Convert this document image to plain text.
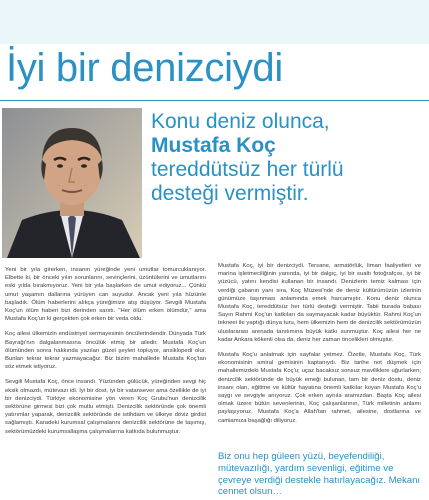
İyi bir denizciydi
Konu deniz olunca,
Mustafa Koç
tereddütsüz her türlü
desteği vermiştir.

Yeni bir yıla girerken, insanın yüreğinde yeni umutlar tomurcuklanıyor. Elbette ki, bir önceki yılın sorunlarını, sevinçlerini, üzüntülerini ve umutlarını eski yılda bırakmıyoruz. Yeni bir yıla başlarken de umut ediyoruz... Çünkü umut yaşamın dallarına yürüyen can suyudur. Ancak yeni yıla hüzünle başladık. Ölüm haberlerini alıkça yüreğimize atış düşüyor. Sevgili Mustafa Koç'un ölüm haberi bizi derinden sarstı. "Her ölüm erken ölümdür," ama Mustafa Koç'un ki gerçekten çok erken bir veda oldu.

Koç ailesi ülkemizin endüstriyel sermayesinin öncülerindendir. Dünyada Türk Bayrağı'nın dalgalanmasına öncülük etmiş bir ailedir. Mustafa Koç'un ölümünden sonra hakkında yazılan güzel şeyleri topluyor, ansiklopedi olur. Bunları tekrar tekrar yazmayacağız. Biz bizim mahallede Mustafa Koç'tan söz etmek istiyoruz.

Sevgili Mustafa Koç, önce insandı. Yüzünden gülücük, yüreğinden sevgi hiç eksik olmazdı, mütevazı idi. İyi bir dost, iyi bir vatansever ama özellikle de iyi bir denizciydi. Türkiye ekonomisine yön veren Koç Grubu'nun denizcilik sektörüne girmesi bizi çok mutlu etmişti. Denizcilik sektöründe çok önemli yatırımlar yaparak, denizcilik sektöründe de istihdam ve ülkeye döviz girdisi sağlamıştı. Karadeki kurumsal çalışmalarını denizcilik sektörüne de taşımış, sektörümüzdeki kurumsallaşma çalışmalarına katkıda bulunmuştur.

Mustafa Koç, iyi bir denizciydi. Tersane, armatörlük, liman faaliyetleri ve marina işletmeciliğinin yanında, iyi bir dalgıç, iyi bir sualtı fotoğrafçısı, iyi bir yüzücü, yatını kendisi kullanan bir insandı. Denizlerin temiz kalması için verdiği çabanın yanı sıra, Koç Müzesi'nde de deniz kültürümüzün izlerinin günümüze taşınması anlamında emek harcamıştır. Konu deniz olunca Mustafa Koç, tereddütsüz her türlü desteği vermiştir. Tabii burada babası Sayın Rahmi Koç'un katkıları da saymayacak kadar büyüktür. Rahmi Koç'un tekneei ile yaptığı dünya turu, hem ülkemizin hem de denizcilik sektörümüzün uluslararası arenada tanıtımına büyük katkı sunmuştur. Koç ailesi her ne kadar Ankara kökenli olsa da, deniz her zaman öncelikleri olmuştur.

Mustafa Koç'u anlatmak için sayfalar yetmez. Özetle, Mustafa Koç, Türk ekonomisinin amiral gemisinin kaptanıydı. Biz tarihe not düşmek için mahallemizdeki Mustafa Koç'u; uçaz bacaksız sonsuz maviliklere uğurlarken; denizcilik sektöründe de büyük emeği bulunan, tam bir deniz dostu, deniz insanı olan, eğitime ve kültür hayatına önemli katkılar koyan Mustafa Koç'u saygı ve sevgiyle anıyoruz. Çok erken aynıla aramızdan. Başta Koç ailesi olmak üzere bütün sevenlerinin, Koç çalışanlarının, Türk milletinin anlamı paylaşıyoruz. Mustafa Koç'a Allah'tan rahmet, ailesine, dostlarına ve camiamıza başağlığı diliyoruz.

Biz onu hep güleen yüzü, beyefendiliği, mütevazılığı, yardım sevenligi, eğitime ve çevreye verdiği destekle hatırlayacağız. Mekanı cennet olsun…
